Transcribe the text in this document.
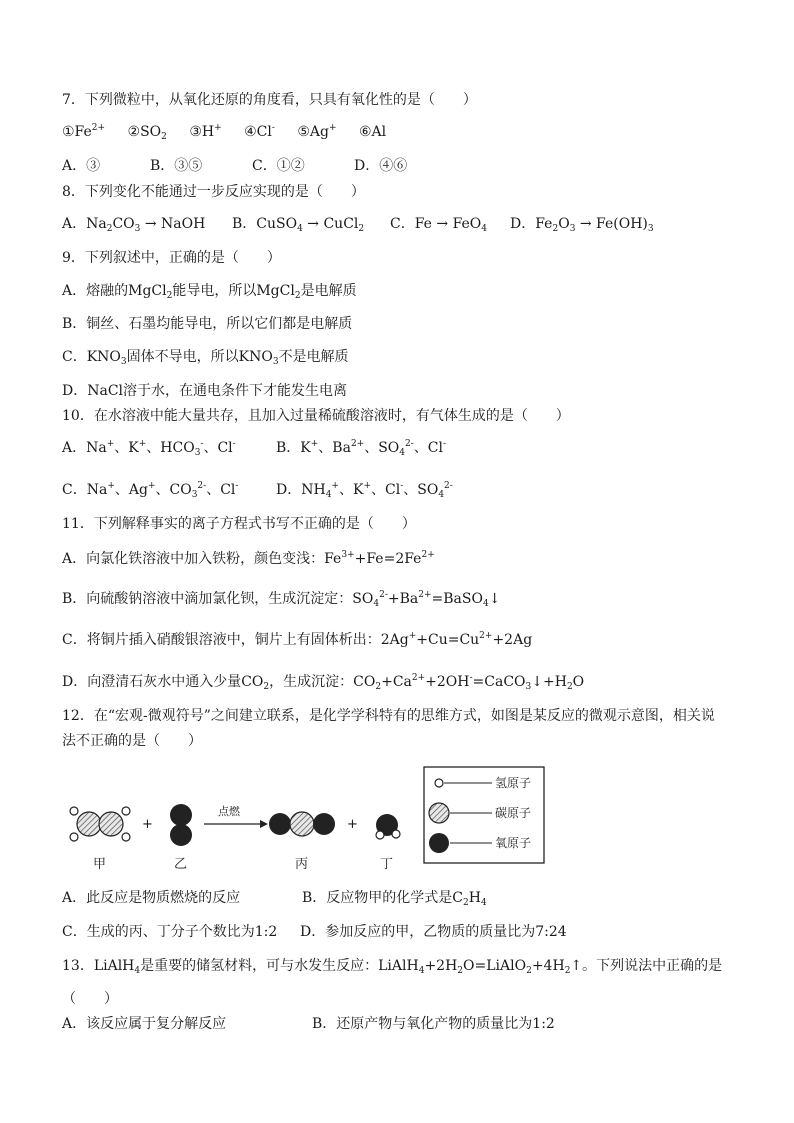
7．下列微粒中，从氧化还原的角度看，只具有氧化性的是（　　）
$①Fe^{2+}$ $②SO_2$ ③H+ ④Cl- ⑤Ag+ ⑥Al
A．③	B．③⑤	C．①②	D．④⑥
8．下列变化不能通过一步反应实现的是（　　）
A．$Na_2CO_3$ → NaOH B．CuSO$_4$ → CuCl$_2$ C．Fe → FeO$_4$ D．$Fe_2O_3 \to Fe(OH)_3$
9．下列叙述中，正确的是（　　）
A．熔融的MgCl$_2$能导电，所以MgCl$_2$是电解质
B．铜丝、石墨均能导电，所以它们都是电解质
C．$KNO_3$固体不导电，所以$KNO_3$不是电解质
D．NaCl溶于水，在通电条件下才能发生电离
10．在水溶液中能大量共存，且加入过量稀硫酸溶液时，有气体生成的是（　　）
A．Na+、K+、$HCO_3^-$、Cl-	B．K+、$Ba^{2+}$、$SO_4^{2-}$、Cl-
C．Na+、Ag+、$CO_3^{2-}$、Cl-	D．$NH_4^+$、K+、Cl-、$SO_4^{2-}$
11．下列解释事实的离子方程式书写不正确的是（　　）
A．向氯化铁溶液中加入铁粉，颜色变浅：$Fe^{3+}+Fe=2Fe^{2+}$
B．向硫酸钠溶液中滴加氯化钡，生成沉淀定：$SO_4^{2-}+Ba^{2+}=BaSO_4↓$
C．将铜片插入硝酸银溶液中，铜片上有固体析出：$2Ag^++Cu=Cu^{2+}+2Ag$
D．向澄清石灰水中通入少量$CO_2$，生成沉淀：$CO_2+Ca^{2+}+2OH^-=CaCO_3↓+H_2O$
12．在“宏观-微观符号”之间建立联系，是化学学科特有的思维方式，如图是某反应的微观示意图，相关说
法不正确的是（　　）
甲
+
乙
点燃
丙
+
丁
氢原子
碳原子
氧原子
A．此反应是物质燃烧的反应	B．反应物甲的化学式是$C_2H_4$
C．生成的丙、丁分子个数比为1:2 D．参加反应的甲，乙物质的质量比为7:24
13．LiAlH$_4$是重要的储氢材料，可与水发生反应：$LiAlH_4+2H_2O=LiAlO_2+4H_2↑$。下列说法中正确的是
（　　）
A．该反应属于复分解反应	B．还原产物与氧化产物的质量比为1:2
